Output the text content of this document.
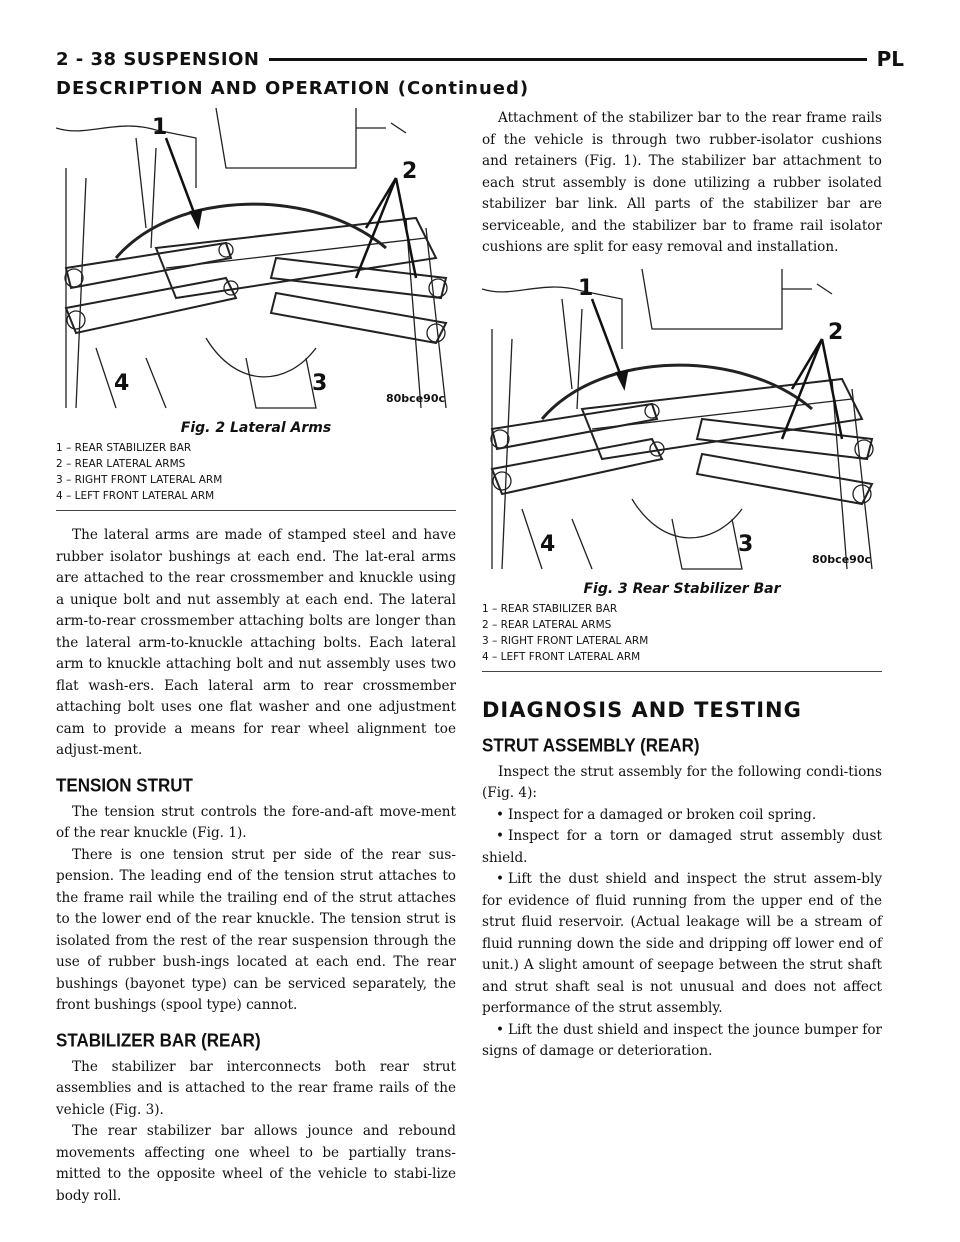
2 - 38 SUSPENSION	PL
DESCRIPTION AND OPERATION (Continued)
1
2
3
4
80bce90c
Fig. 2 Lateral Arms
1 – REAR STABILIZER BAR
2 – REAR LATERAL ARMS
3 – RIGHT FRONT LATERAL ARM
4 – LEFT FRONT LATERAL ARM

The lateral arms are made of stamped steel and have rubber isolator bushings at each end. The lat-eral arms are attached to the rear crossmember and knuckle using a unique bolt and nut assembly at each end. The lateral arm-to-rear crossmember attaching bolts are longer than the lateral arm-to-knuckle attaching bolts. Each lateral arm to knuckle attaching bolt and nut assembly uses two flat wash-ers. Each lateral arm to rear crossmember attaching bolt uses one flat washer and one adjustment cam to provide a means for rear wheel alignment toe adjust-ment.

TENSION STRUT

The tension strut controls the fore-and-aft move-ment of the rear knuckle (Fig. 1).

There is one tension strut per side of the rear sus-pension. The leading end of the tension strut attaches to the frame rail while the trailing end of the strut attaches to the lower end of the rear knuckle. The tension strut is isolated from the rest of the rear suspension through the use of rubber bush-ings located at each end. The rear bushings (bayonet type) can be serviced separately, the front bushings (spool type) cannot.

STABILIZER BAR (REAR)

The stabilizer bar interconnects both rear strut assemblies and is attached to the rear frame rails of the vehicle (Fig. 3).

The rear stabilizer bar allows jounce and rebound movements affecting one wheel to be partially trans-mitted to the opposite wheel of the vehicle to stabi-lize body roll.

Attachment of the stabilizer bar to the rear frame rails of the vehicle is through two rubber-isolator cushions and retainers (Fig. 1). The stabilizer bar attachment to each strut assembly is done utilizing a rubber isolated stabilizer bar link. All parts of the stabilizer bar are serviceable, and the stabilizer bar to frame rail isolator cushions are split for easy removal and installation.

1
2
3
4
80bce90c
Fig. 3 Rear Stabilizer Bar
1 – REAR STABILIZER BAR
2 – REAR LATERAL ARMS
3 – RIGHT FRONT LATERAL ARM
4 – LEFT FRONT LATERAL ARM
DIAGNOSIS AND TESTING
STRUT ASSEMBLY (REAR)

Inspect the strut assembly for the following condi-tions (Fig. 4):

• Inspect for a damaged or broken coil spring.
• Inspect for a torn or damaged strut assembly dust shield.
• Lift the dust shield and inspect the strut assem-bly for evidence of fluid running from the upper end of the strut fluid reservoir. (Actual leakage will be a stream of fluid running down the side and dripping off lower end of unit.) A slight amount of seepage between the strut shaft and strut shaft seal is not unusual and does not affect performance of the strut assembly.
• Lift the dust shield and inspect the jounce bumper for signs of damage or deterioration.
